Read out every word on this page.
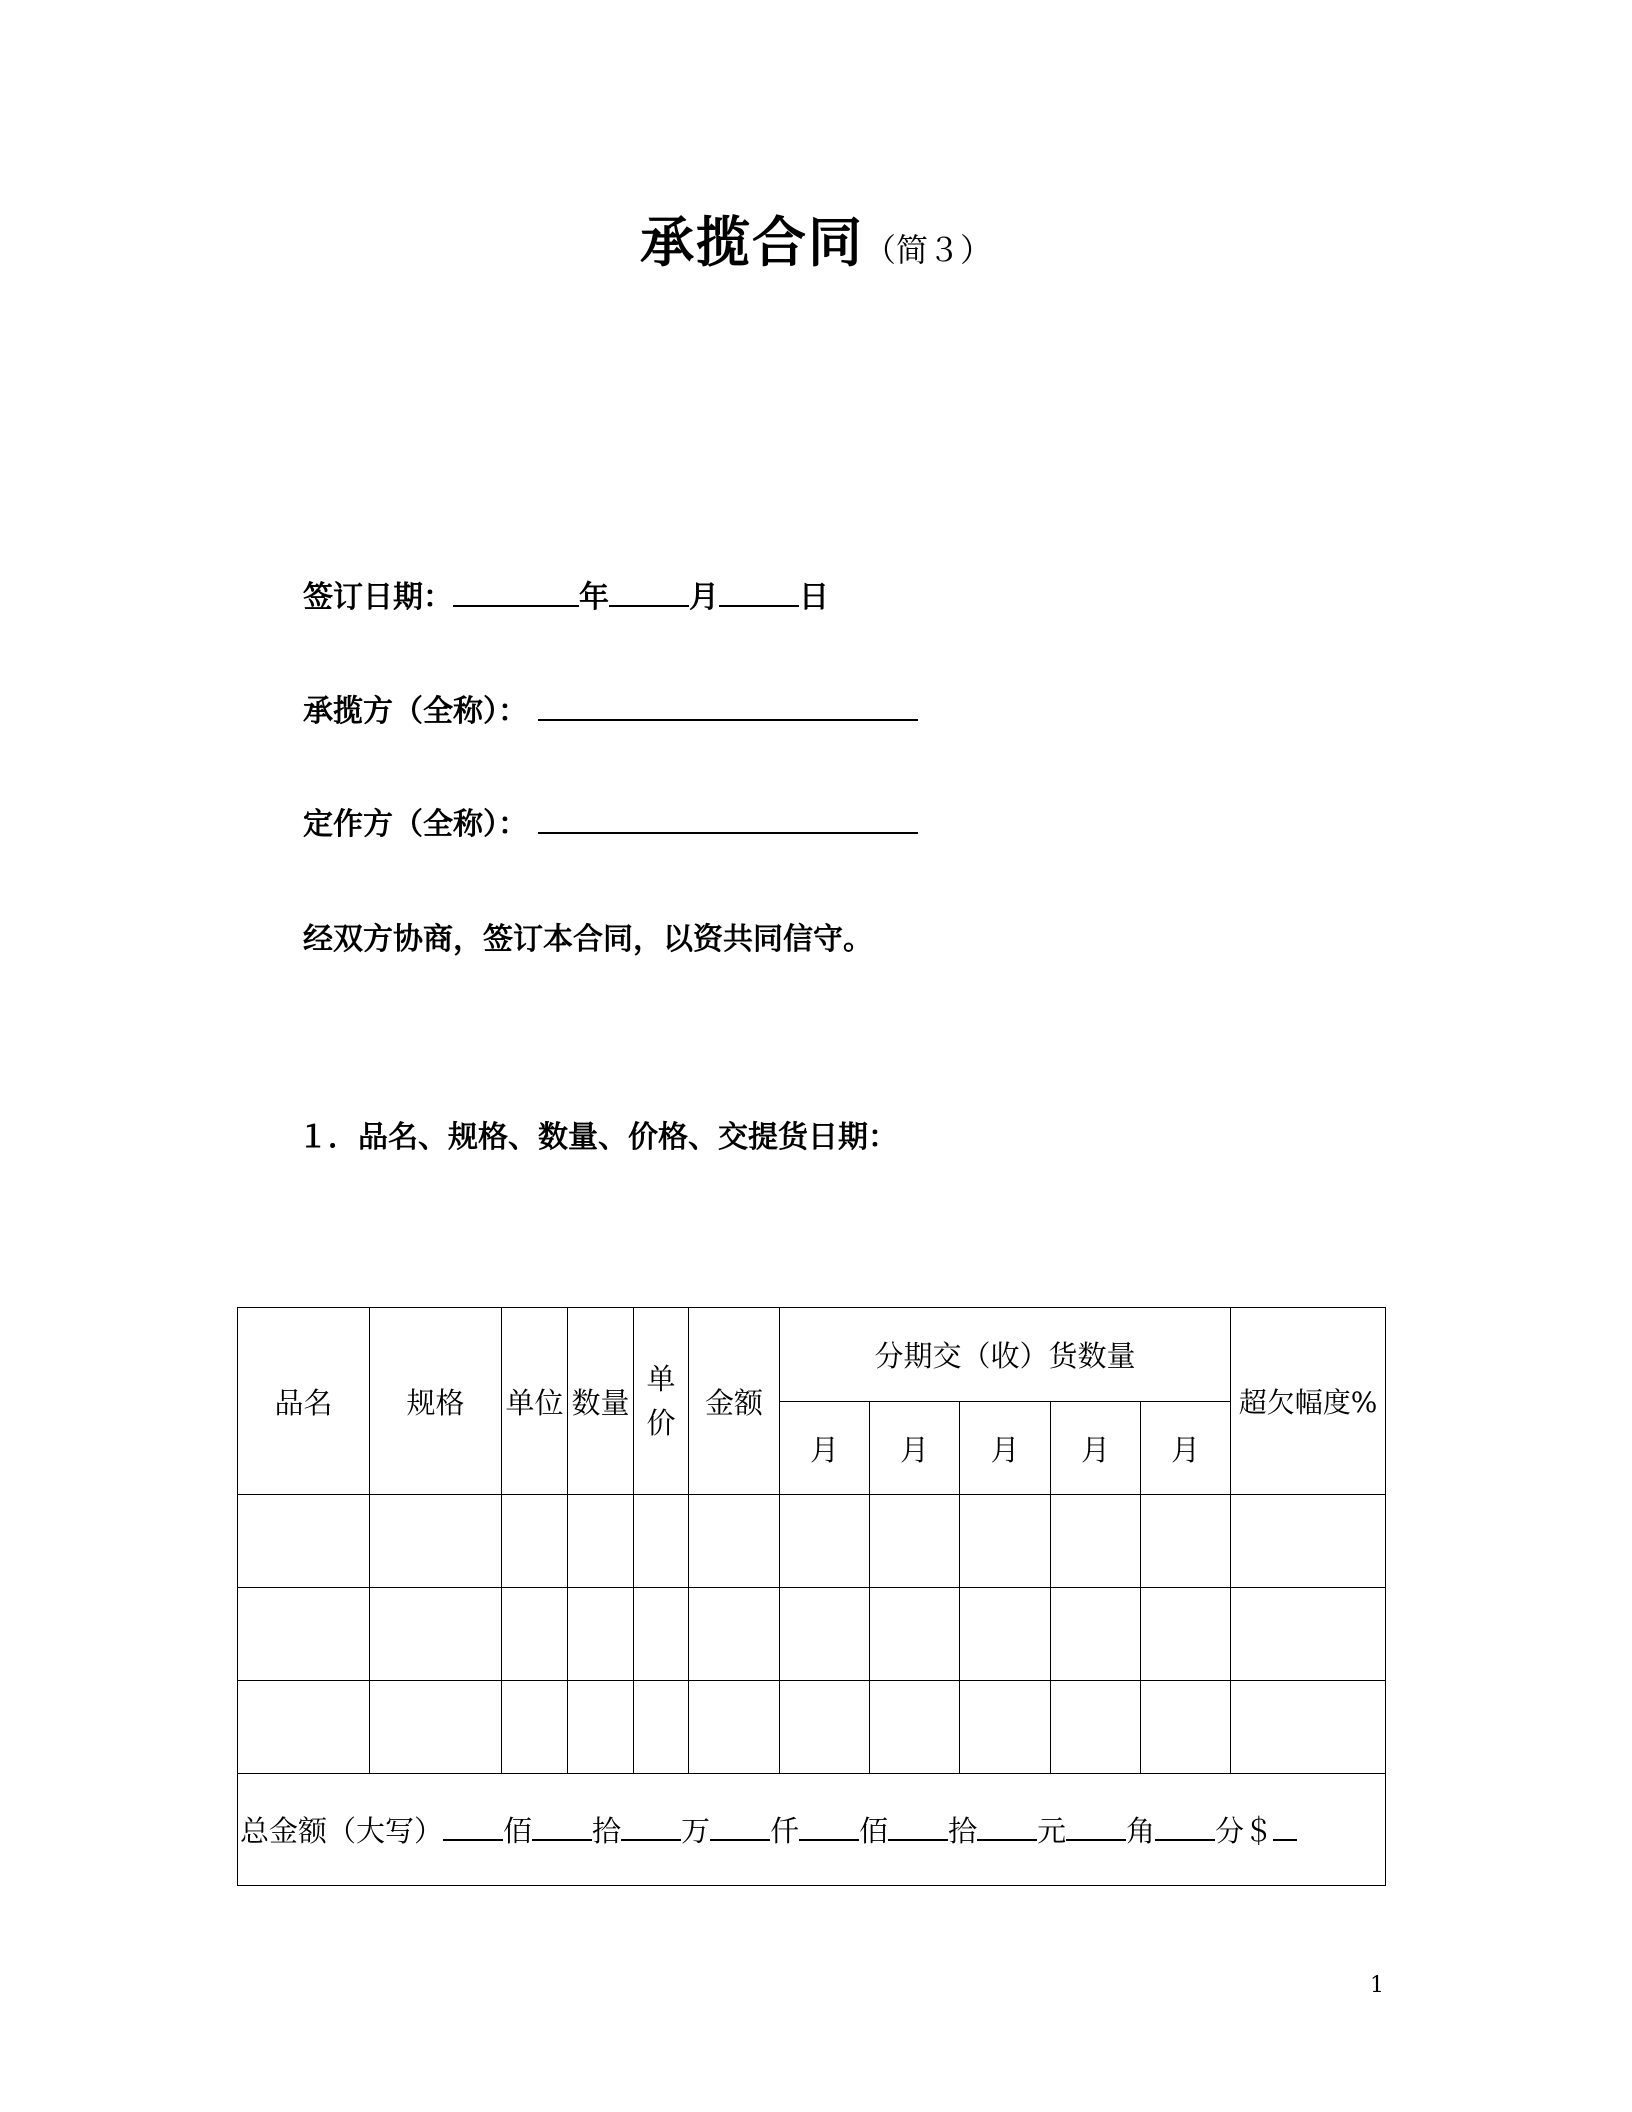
承揽合同（简３）
签订日期：	年	月	日
承揽方（全称）：
定作方（全称）：
经双方协商，签订本合同，以资共同信守。
１．品名、规格、数量、价格、交提货日期：
品名	规格	单位	数量	单价	金额	分期交（收）货数量					超欠幅度%
						月	月	月	月	月	

总金额（大写） 佰 拾 万 仟 佰 拾 元 角 分＄											
1
